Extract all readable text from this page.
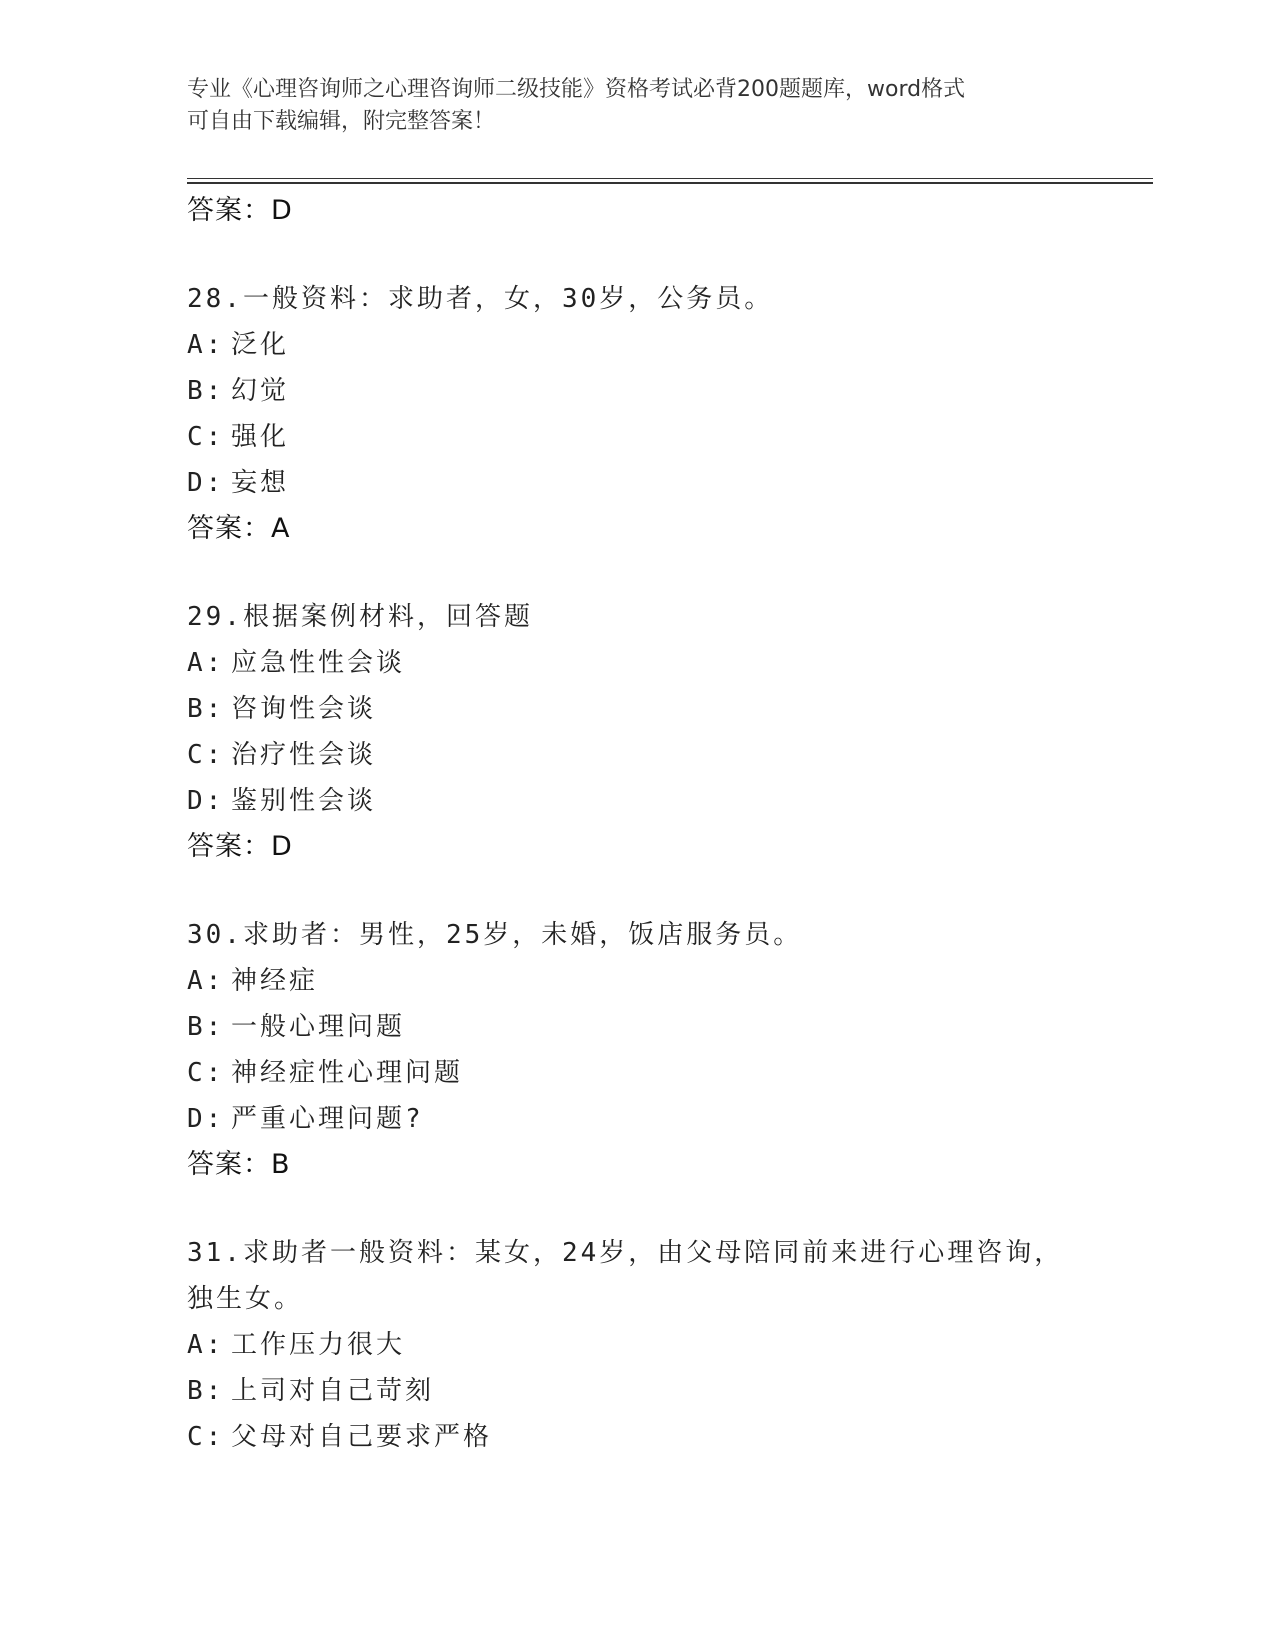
专业《心理咨询师之心理咨询师二级技能》资格考试必背200题题库，word格式
可自由下载编辑，附完整答案！
答案：D
28.一般资料：求助者，女，30岁，公务员。
A: 泛化
B: 幻觉
C: 强化
D: 妄想
答案：A
29.根据案例材料，回答题
A: 应急性性会谈
B: 咨询性会谈
C: 治疗性会谈
D: 鉴别性会谈
答案：D
30.求助者：男性，25岁，未婚，饭店服务员。
A: 神经症
B: 一般心理问题
C: 神经症性心理问题
D: 严重心理问题?
答案：B
31.求助者一般资料：某女，24岁，由父母陪同前来进行心理咨询，独生女。
A: 工作压力很大
B: 上司对自己苛刻
C: 父母对自己要求严格
